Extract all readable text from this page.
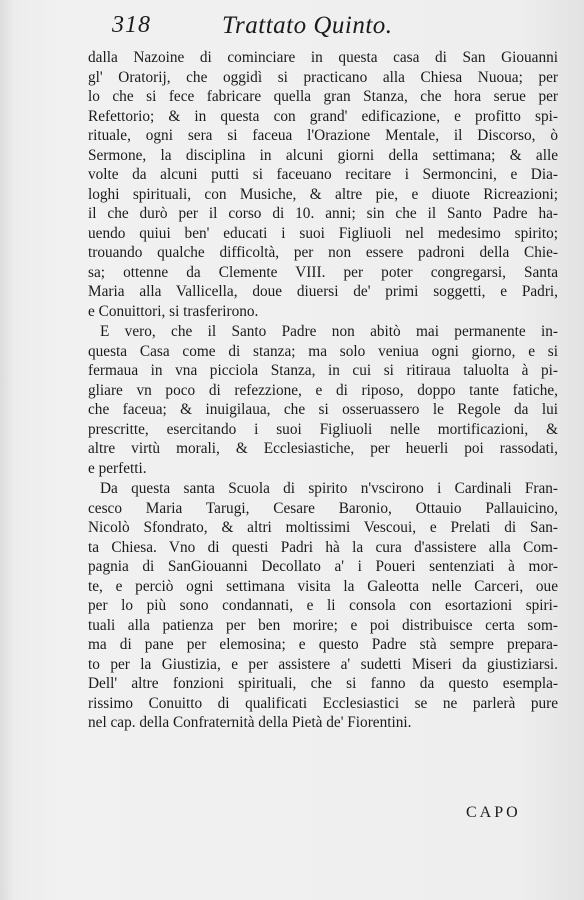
318	Trattato Quinto.
dalla Nazoine di cominciare in questa casa di San Giouanni
gl' Oratorij, che oggidì si practicano alla Chiesa Nuoua; per
lo che si fece fabricare quella gran Stanza, che hora serue per
Refettorio; & in questa con grand' edificazione, e profitto spi-
rituale, ogni sera si faceua l'Orazione Mentale, il Discorso, ò
Sermone, la disciplina in alcuni giorni della settimana; & alle
volte da alcuni putti si faceuano recitare i Sermoncini, e Dia-
loghi spirituali, con Musiche, & altre pie, e diuote Ricreazioni;
il che durò per il corso di 10. anni; sin che il Santo Padre ha-
uendo quiui ben' educati i suoi Figliuoli nel medesimo spirito;
trouando qualche difficoltà, per non essere padroni della Chie-
sa; ottenne da Clemente VIII. per poter congregarsi, Santa
Maria alla Vallicella, doue diuersi de' primi soggetti, e Padri,
e Conuittori, si trasferirono.
E vero, che il Santo Padre non abitò mai permanente in-
questa Casa come di stanza; ma solo veniua ogni giorno, e si
fermaua in vna picciola Stanza, in cui si ritiraua taluolta à pi-
gliare vn poco di refezzione, e di riposo, doppo tante fatiche,
che faceua; & inuigilaua, che si osseruassero le Regole da lui
prescritte, esercitando i suoi Figliuoli nelle mortificazioni, &
altre virtù morali, & Ecclesiastiche, per heuerli poi rassodati,
e perfetti.
Da questa santa Scuola di spirito n'vscirono i Cardinali Fran-
cesco Maria Tarugi, Cesare Baronio, Ottauio Pallauicino,
Nicolò Sfondrato, & altri moltissimi Vescoui, e Prelati di San-
ta Chiesa. Vno di questi Padri hà la cura d'assistere alla Com-
pagnia di SanGiouanni Decollato a' i Poueri sentenziati à mor-
te, e perciò ogni settimana visita la Galeotta nelle Carceri, oue
per lo più sono condannati, e li consola con esortazioni spiri-
tuali alla patienza per ben morire; e poi distribuisce certa som-
ma di pane per elemosina; e questo Padre stà sempre prepara-
to per la Giustizia, e per assistere a' sudetti Miseri da giustiziarsi.
Dell' altre fonzioni spirituali, che si fanno da questo esempla-
rissimo Conuitto di qualificati Ecclesiastici se ne parlerà pure
nel cap. della Confraternità della Pietà de' Fiorentini.
CAPO
